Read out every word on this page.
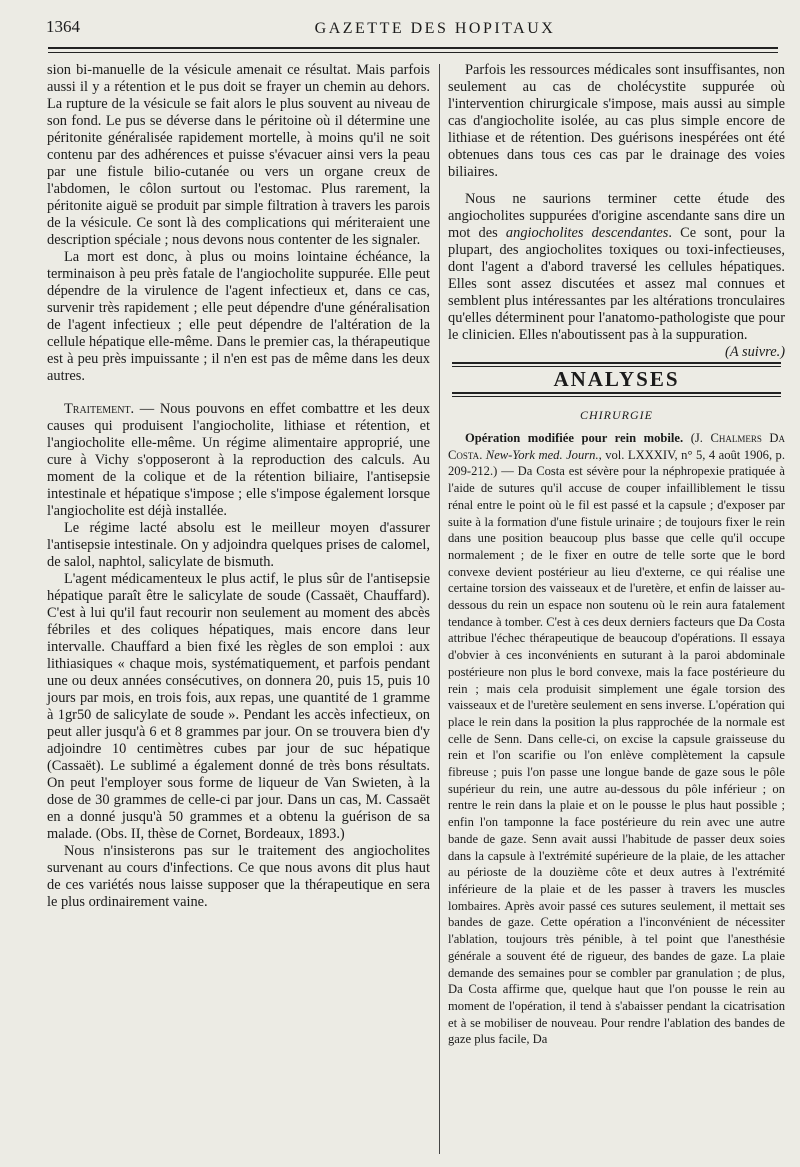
1364	GAZETTE DES HOPITAUX

sion bi-manuelle de la vésicule amenait ce résultat. Mais parfois aussi il y a rétention et le pus doit se frayer un chemin au dehors. La rupture de la vésicule se fait alors le plus souvent au niveau de son fond. Le pus se déverse dans le péritoine où il détermine une péritonite généralisée rapidement mortelle, à moins qu'il ne soit contenu par des adhérences et puisse s'évacuer ainsi vers la peau par une fistule bilio-cutanée ou vers un organe creux de l'abdomen, le côlon surtout ou l'estomac. Plus rarement, la péritonite aiguë se produit par simple filtration à travers les parois de la vésicule. Ce sont là des complications qui mériteraient une description spéciale ; nous devons nous contenter de les signaler.

La mort est donc, à plus ou moins lointaine échéance, la terminaison à peu près fatale de l'angiocholite suppurée. Elle peut dépendre de la virulence de l'agent infectieux et, dans ce cas, survenir très rapidement ; elle peut dépendre d'une généralisation de l'agent infectieux ; elle peut dépendre de l'altération de la cellule hépatique elle-même. Dans le premier cas, la thérapeutique est à peu près impuissante ; il n'en est pas de même dans les deux autres.

Traitement. — Nous pouvons en effet combattre et les deux causes qui produisent l'angiocholite, lithiase et rétention, et l'angiocholite elle-même. Un régime alimentaire approprié, une cure à Vichy s'opposeront à la reproduction des calculs. Au moment de la colique et de la rétention biliaire, l'antisepsie intestinale et hépatique s'impose ; elle s'impose également lorsque l'angiocholite est déjà installée.

Le régime lacté absolu est le meilleur moyen d'assurer l'antisepsie intestinale. On y adjoindra quelques prises de calomel, de salol, naphtol, salicylate de bismuth.

L'agent médicamenteux le plus actif, le plus sûr de l'antisepsie hépatique paraît être le salicylate de soude (Cassaët, Chauffard). C'est à lui qu'il faut recourir non seulement au moment des abcès fébriles et des coliques hépatiques, mais encore dans leur intervalle. Chauffard a bien fixé les règles de son emploi : aux lithiasiques « chaque mois, systématiquement, et parfois pendant une ou deux années consécutives, on donnera 20, puis 15, puis 10 jours par mois, en trois fois, aux repas, une quantité de 1 gramme à 1gr50 de salicylate de soude ». Pendant les accès infectieux, on peut aller jusqu'à 6 et 8 grammes par jour. On se trouvera bien d'y adjoindre 10 centimètres cubes par jour de suc hépatique (Cassaët). Le sublimé a également donné de très bons résultats. On peut l'employer sous forme de liqueur de Van Swieten, à la dose de 30 grammes de celle-ci par jour. Dans un cas, M. Cassaët en a donné jusqu'à 50 grammes et a obtenu la guérison de sa malade. (Obs. II, thèse de Cornet, Bordeaux, 1893.)

Nous n'insisterons pas sur le traitement des angiocholites survenant au cours d'infections. Ce que nous avons dit plus haut de ces variétés nous laisse supposer que la thérapeutique en sera le plus ordinairement vaine.

Parfois les ressources médicales sont insuffisantes, non seulement au cas de cholécystite suppurée où l'intervention chirurgicale s'impose, mais aussi au simple cas d'angiocholite isolée, au cas plus simple encore de lithiase et de rétention. Des guérisons inespérées ont été obtenues dans tous ces cas par le drainage des voies biliaires.

Nous ne saurions terminer cette étude des angiocholites suppurées d'origine ascendante sans dire un mot des angiocholites descendantes. Ce sont, pour la plupart, des angiocholites toxiques ou toxi-infectieuses, dont l'agent a d'abord traversé les cellules hépatiques. Elles sont assez discutées et assez mal connues et semblent plus intéressantes par les altérations tronculaires qu'elles déterminent pour l'anatomo-pathologiste que pour le clinicien. Elles n'aboutissent pas à la suppuration.
(A suivre.)

ANALYSES
CHIRURGIE

Opération modifiée pour rein mobile. (J. Chalmers Da Costa. New-York med. Journ., vol. LXXXIV, n° 5, 4 août 1906, p. 209-212.) — Da Costa est sévère pour la néphropexie pratiquée à l'aide de sutures qu'il accuse de couper infailliblement le tissu rénal entre le point où le fil est passé et la capsule ; d'exposer par suite à la formation d'une fistule urinaire ; de toujours fixer le rein dans une position beaucoup plus basse que celle qu'il occupe normalement ; de le fixer en outre de telle sorte que le bord convexe devient postérieur au lieu d'externe, ce qui réalise une certaine torsion des vaisseaux et de l'uretère, et enfin de laisser au-dessous du rein un espace non soutenu où le rein aura fatalement tendance à tomber. C'est à ces deux derniers facteurs que Da Costa attribue l'échec thérapeutique de beaucoup d'opérations. Il essaya d'obvier à ces inconvénients en suturant à la paroi abdominale postérieure non plus le bord convexe, mais la face postérieure du rein ; mais cela produisit simplement une égale torsion des vaisseaux et de l'uretère seulement en sens inverse. L'opération qui place le rein dans la position la plus rapprochée de la normale est celle de Senn. Dans celle-ci, on excise la capsule graisseuse du rein et l'on scarifie ou l'on enlève complètement la capsule fibreuse ; puis l'on passe une longue bande de gaze sous le pôle supérieur du rein, une autre au-dessous du pôle inférieur ; on rentre le rein dans la plaie et on le pousse le plus haut possible ; enfin l'on tamponne la face postérieure du rein avec une autre bande de gaze. Senn avait aussi l'habitude de passer deux soies dans la capsule à l'extrémité supérieure de la plaie, de les attacher au périoste de la douzième côte et deux autres à l'extrémité inférieure de la plaie et de les passer à travers les muscles lombaires. Après avoir passé ces sutures seulement, il mettait ses bandes de gaze. Cette opération a l'inconvénient de nécessiter l'ablation, toujours très pénible, à tel point que l'anesthésie générale a souvent été de rigueur, des bandes de gaze. La plaie demande des semaines pour se combler par granulation ; de plus, Da Costa affirme que, quelque haut que l'on pousse le rein au moment de l'opération, il tend à s'abaisser pendant la cicatrisation et à se mobiliser de nouveau. Pour rendre l'ablation des bandes de gaze plus facile, Da
